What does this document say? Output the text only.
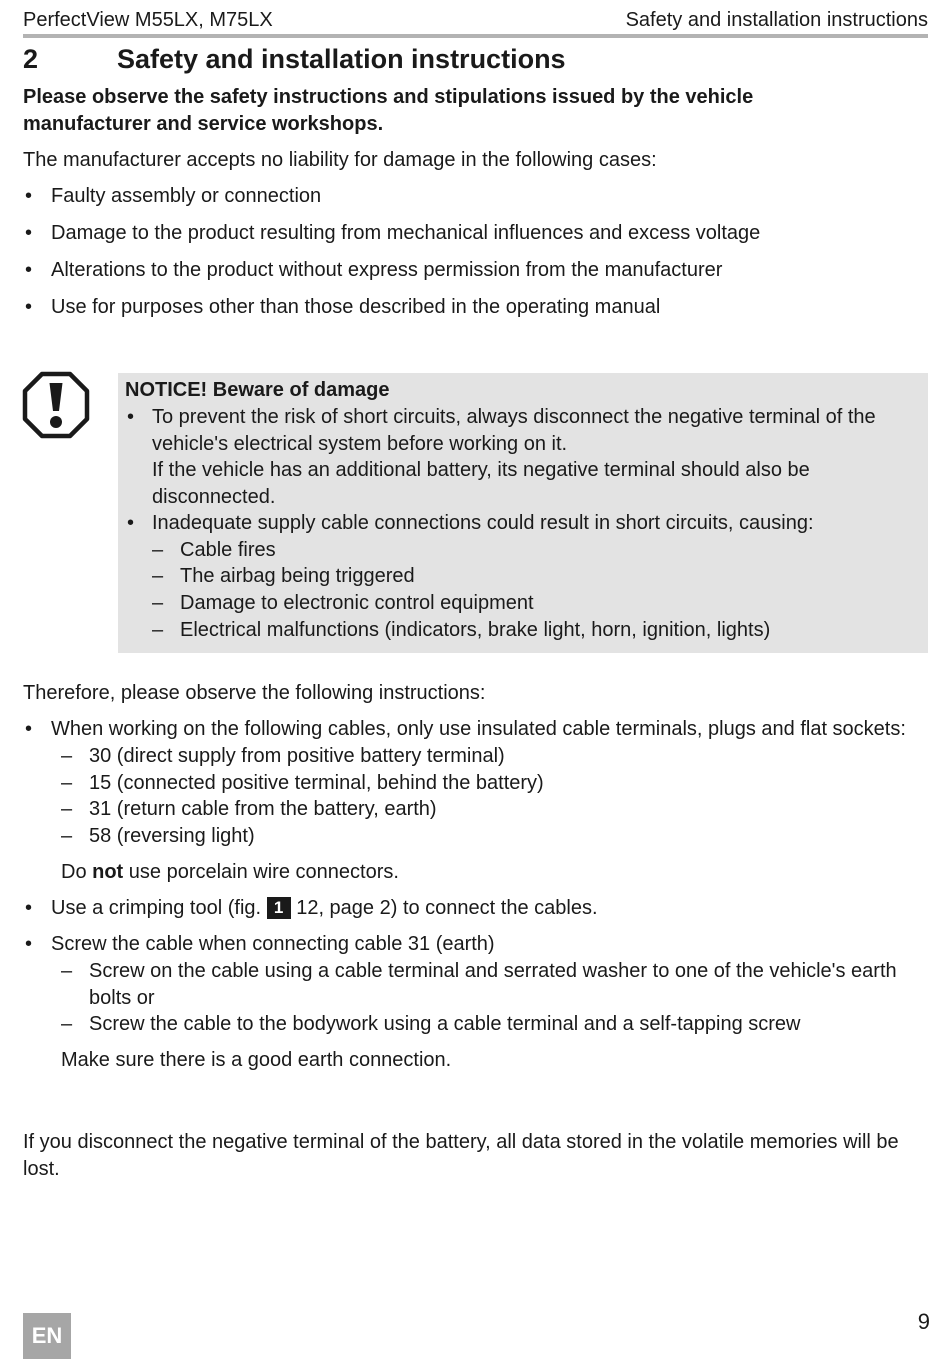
PerfectView M55LX, M75LX	Safety and installation instructions
2	Safety and installation instructions
Please observe the safety instructions and stipulations issued by the vehicle manufacturer and service workshops.
The manufacturer accepts no liability for damage in the following cases:
• Faulty assembly or connection
• Damage to the product resulting from mechanical influences and excess voltage
• Alterations to the product without express permission from the manufacturer
• Use for purposes other than those described in the operating manual
NOTICE! Beware of damage
• To prevent the risk of short circuits, always disconnect the negative terminal of the vehicle's electrical system before working on it.
If the vehicle has an additional battery, its negative terminal should also be disconnected.
• Inadequate supply cable connections could result in short circuits, causing:
– Cable fires
– The airbag being triggered
– Damage to electronic control equipment
– Electrical malfunctions (indicators, brake light, horn, ignition, lights)
Therefore, please observe the following instructions:
• When working on the following cables, only use insulated cable terminals, plugs and flat sockets:
– 30 (direct supply from positive battery terminal)
– 15 (connected positive terminal, behind the battery)
– 31 (return cable from the battery, earth)
– 58 (reversing light)
Do not use porcelain wire connectors.
• Use a crimping tool (fig. 1 12, page 2) to connect the cables.
• Screw the cable when connecting cable 31 (earth)
– Screw on the cable using a cable terminal and serrated washer to one of the vehicle's earth bolts or
– Screw the cable to the bodywork using a cable terminal and a self-tapping screw
Make sure there is a good earth connection.
If you disconnect the negative terminal of the battery, all data stored in the volatile memories will be lost.
EN
9
